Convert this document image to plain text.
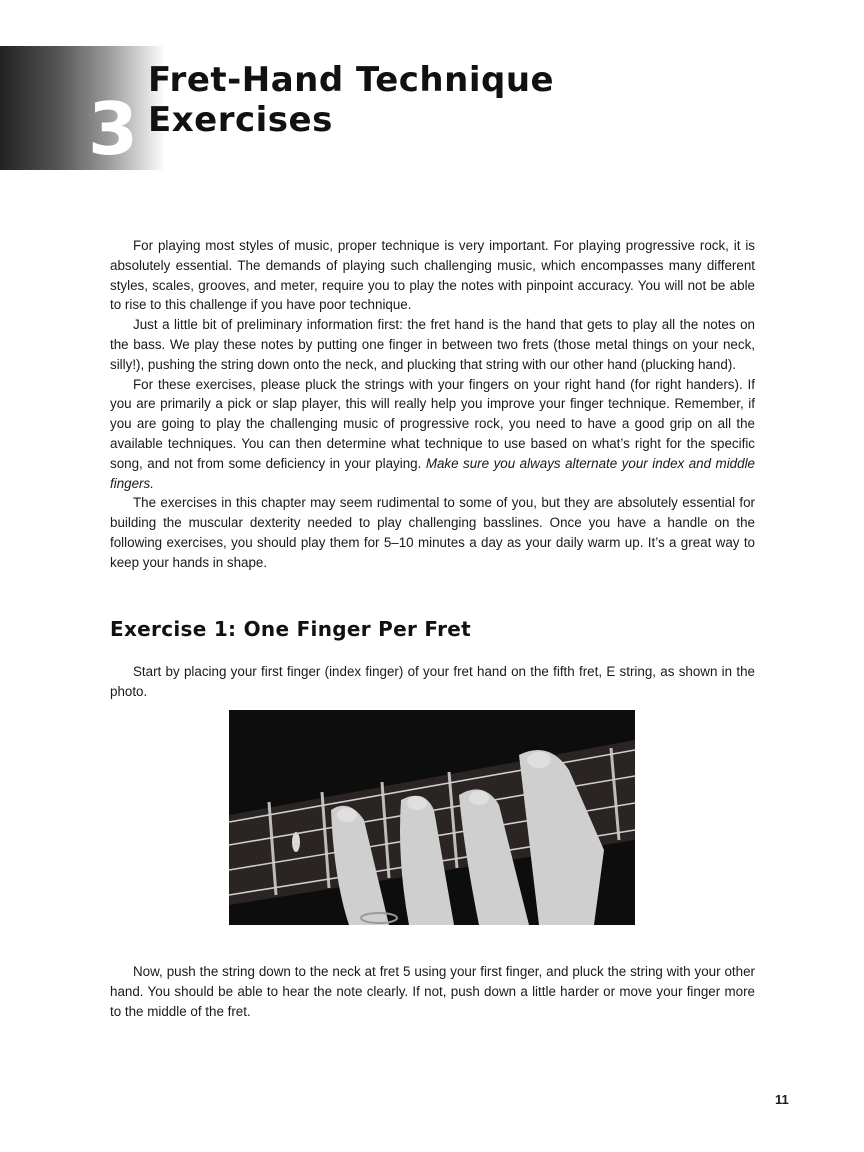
3
Fret-Hand Technique
Exercises

For playing most styles of music, proper technique is very important. For playing progressive rock, it is absolutely essential. The demands of playing such challenging music, which encompasses many different styles, scales, grooves, and meter, require you to play the notes with pinpoint accuracy. You will not be able to rise to this challenge if you have poor technique.

Just a little bit of preliminary information first: the fret hand is the hand that gets to play all the notes on the bass. We play these notes by putting one finger in between two frets (those metal things on your neck, silly!), pushing the string down onto the neck, and plucking that string with our other hand (plucking hand).

For these exercises, please pluck the strings with your fingers on your right hand (for right handers). If you are primarily a pick or slap player, this will really help you improve your finger technique. Remember, if you are going to play the challenging music of progressive rock, you need to have a good grip on all the available techniques. You can then determine what technique to use based on what’s right for the specific song, and not from some deficiency in your playing. Make sure you always alternate your index and middle fingers.

The exercises in this chapter may seem rudimental to some of you, but they are absolutely essential for building the muscular dexterity needed to play challenging basslines. Once you have a handle on the following exercises, you should play them for 5–10 minutes a day as your daily warm up. It’s a great way to keep your hands in shape.

Exercise 1: One Finger Per Fret

Start by placing your first finger (index finger) of your fret hand on the fifth fret, E string, as shown in the photo.

Now, push the string down to the neck at fret 5 using your first finger, and pluck the string with your other hand. You should be able to hear the note clearly. If not, push down a little harder or move your finger more to the middle of the fret.

11
